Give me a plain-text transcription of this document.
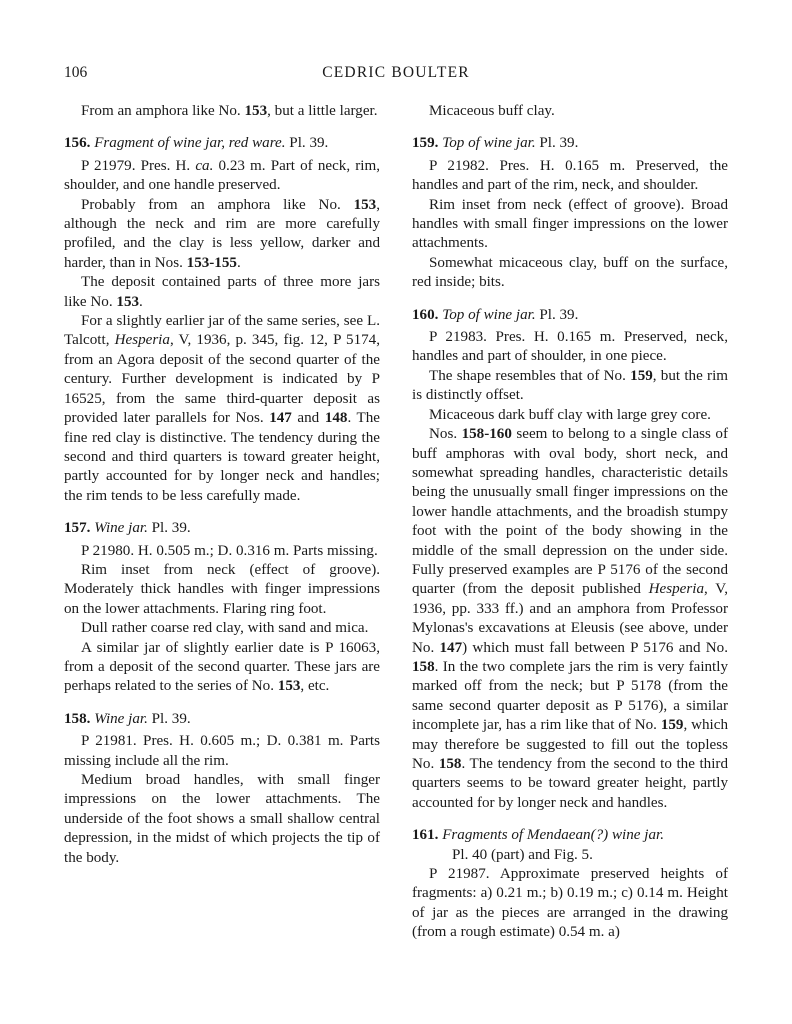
106	CEDRIC BOULTER

From an amphora like No. 153, but a little larger.

156. Fragment of wine jar, red ware. Pl. 39.

P 21979. Pres. H. ca. 0.23 m. Part of neck, rim, shoulder, and one handle preserved.

Probably from an amphora like No. 153, although the neck and rim are more carefully profiled, and the clay is less yellow, darker and harder, than in Nos. 153-155.

The deposit contained parts of three more jars like No. 153.

For a slightly earlier jar of the same series, see L. Talcott, Hesperia, V, 1936, p. 345, fig. 12, P 5174, from an Agora deposit of the second quarter of the century. Further development is indicated by P 16525, from the same third-quarter deposit as provided later parallels for Nos. 147 and 148. The fine red clay is distinctive. The tendency during the second and third quarters is toward greater height, partly accounted for by longer neck and handles; the rim tends to be less carefully made.

157. Wine jar. Pl. 39.

P 21980. H. 0.505 m.; D. 0.316 m. Parts missing.

Rim inset from neck (effect of groove). Moderately thick handles with finger impressions on the lower attachments. Flaring ring foot.

Dull rather coarse red clay, with sand and mica.

A similar jar of slightly earlier date is P 16063, from a deposit of the second quarter. These jars are perhaps related to the series of No. 153, etc.

158. Wine jar. Pl. 39.

P 21981. Pres. H. 0.605 m.; D. 0.381 m. Parts missing include all the rim.

Medium broad handles, with small finger impressions on the lower attachments. The underside of the foot shows a small shallow central depression, in the midst of which projects the tip of the body.

Micaceous buff clay.

159. Top of wine jar. Pl. 39.

P 21982. Pres. H. 0.165 m. Preserved, the handles and part of the rim, neck, and shoulder.

Rim inset from neck (effect of groove). Broad handles with small finger impressions on the lower attachments.

Somewhat micaceous clay, buff on the surface, red inside; bits.

160. Top of wine jar. Pl. 39.

P 21983. Pres. H. 0.165 m. Preserved, neck, handles and part of shoulder, in one piece.

The shape resembles that of No. 159, but the rim is distinctly offset.

Micaceous dark buff clay with large grey core.

Nos. 158-160 seem to belong to a single class of buff amphoras with oval body, short neck, and somewhat spreading handles, characteristic details being the unusually small finger impressions on the lower handle attachments, and the broadish stumpy foot with the point of the body showing in the middle of the small depression on the under side. Fully preserved examples are P 5176 of the second quarter (from the deposit published Hesperia, V, 1936, pp. 333 ff.) and an amphora from Professor Mylonas's excavations at Eleusis (see above, under No. 147) which must fall between P 5176 and No. 158. In the two complete jars the rim is very faintly marked off from the neck; but P 5178 (from the same second quarter deposit as P 5176), a similar incomplete jar, has a rim like that of No. 159, which may therefore be suggested to fill out the topless No. 158. The tendency from the second to the third quarters seems to be toward greater height, partly accounted for by longer neck and handles.

161. Fragments of Mendaean(?) wine jar.

Pl. 40 (part) and Fig. 5.

P 21987. Approximate preserved heights of fragments: a) 0.21 m.; b) 0.19 m.; c) 0.14 m. Height of jar as the pieces are arranged in the drawing (from a rough estimate) 0.54 m. a)
